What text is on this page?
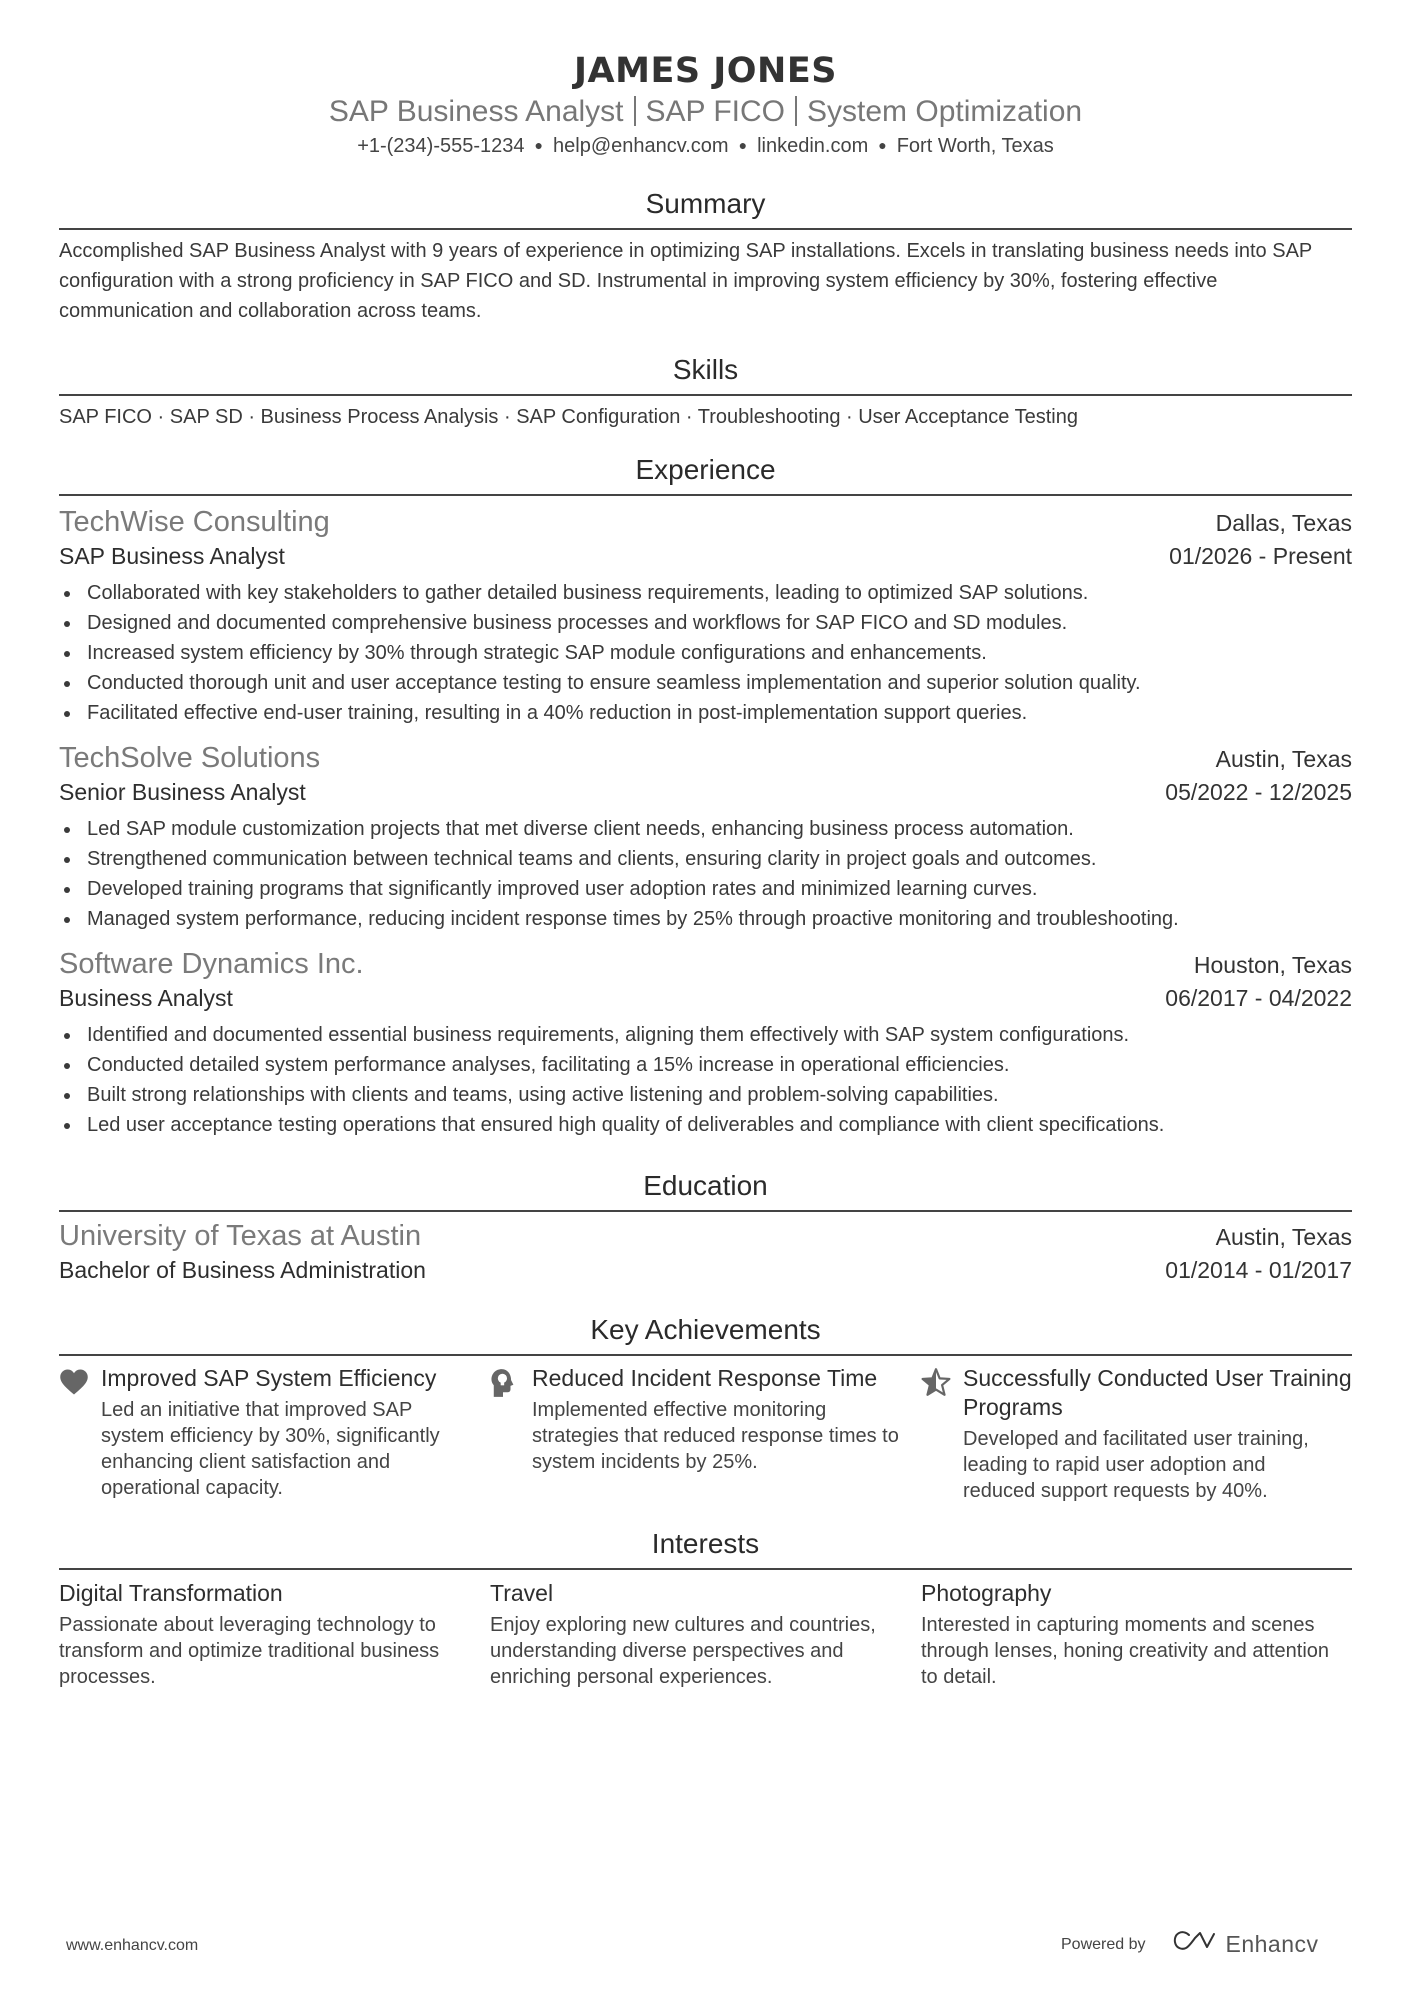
JAMES JONES
SAP Business Analyst SAP FICO System Optimization
+1-(234)-555-1234 ● help@enhancv.com ● linkedin.com ● Fort Worth, Texas
Summary
Accomplished SAP Business Analyst with 9 years of experience in optimizing SAP installations. Excels in translating business needs into SAP configuration with a strong proficiency in SAP FICO and SD. Instrumental in improving system efficiency by 30%, fostering effective communication and collaboration across teams.
Skills
SAP FICO · SAP SD · Business Process Analysis · SAP Configuration · Troubleshooting · User Acceptance Testing
Experience
TechWise Consulting	Dallas, Texas
SAP Business Analyst	01/2026 - Present
Collaborated with key stakeholders to gather detailed business requirements, leading to optimized SAP solutions.
Designed and documented comprehensive business processes and workflows for SAP FICO and SD modules.
Increased system efficiency by 30% through strategic SAP module configurations and enhancements.
Conducted thorough unit and user acceptance testing to ensure seamless implementation and superior solution quality.
Facilitated effective end-user training, resulting in a 40% reduction in post-implementation support queries.
TechSolve Solutions	Austin, Texas
Senior Business Analyst	05/2022 - 12/2025
Led SAP module customization projects that met diverse client needs, enhancing business process automation.
Strengthened communication between technical teams and clients, ensuring clarity in project goals and outcomes.
Developed training programs that significantly improved user adoption rates and minimized learning curves.
Managed system performance, reducing incident response times by 25% through proactive monitoring and troubleshooting.
Software Dynamics Inc.	Houston, Texas
Business Analyst	06/2017 - 04/2022
Identified and documented essential business requirements, aligning them effectively with SAP system configurations.
Conducted detailed system performance analyses, facilitating a 15% increase in operational efficiencies.
Built strong relationships with clients and teams, using active listening and problem-solving capabilities.
Led user acceptance testing operations that ensured high quality of deliverables and compliance with client specifications.
Education
University of Texas at Austin	Austin, Texas
Bachelor of Business Administration	01/2014 - 01/2017
Key Achievements
Improved SAP System Efficiency
Led an initiative that improved SAP system efficiency by 30%, significantly enhancing client satisfaction and operational capacity.
Reduced Incident Response Time
Implemented effective monitoring strategies that reduced response times to system incidents by 25%.
Successfully Conducted User Training Programs
Developed and facilitated user training, leading to rapid user adoption and reduced support requests by 40%.
Interests
Digital Transformation
Passionate about leveraging technology to transform and optimize traditional business processes.
Travel
Enjoy exploring new cultures and countries, understanding diverse perspectives and enriching personal experiences.
Photography
Interested in capturing moments and scenes through lenses, honing creativity and attention to detail.
www.enhancv.com	Powered by	Enhancv
